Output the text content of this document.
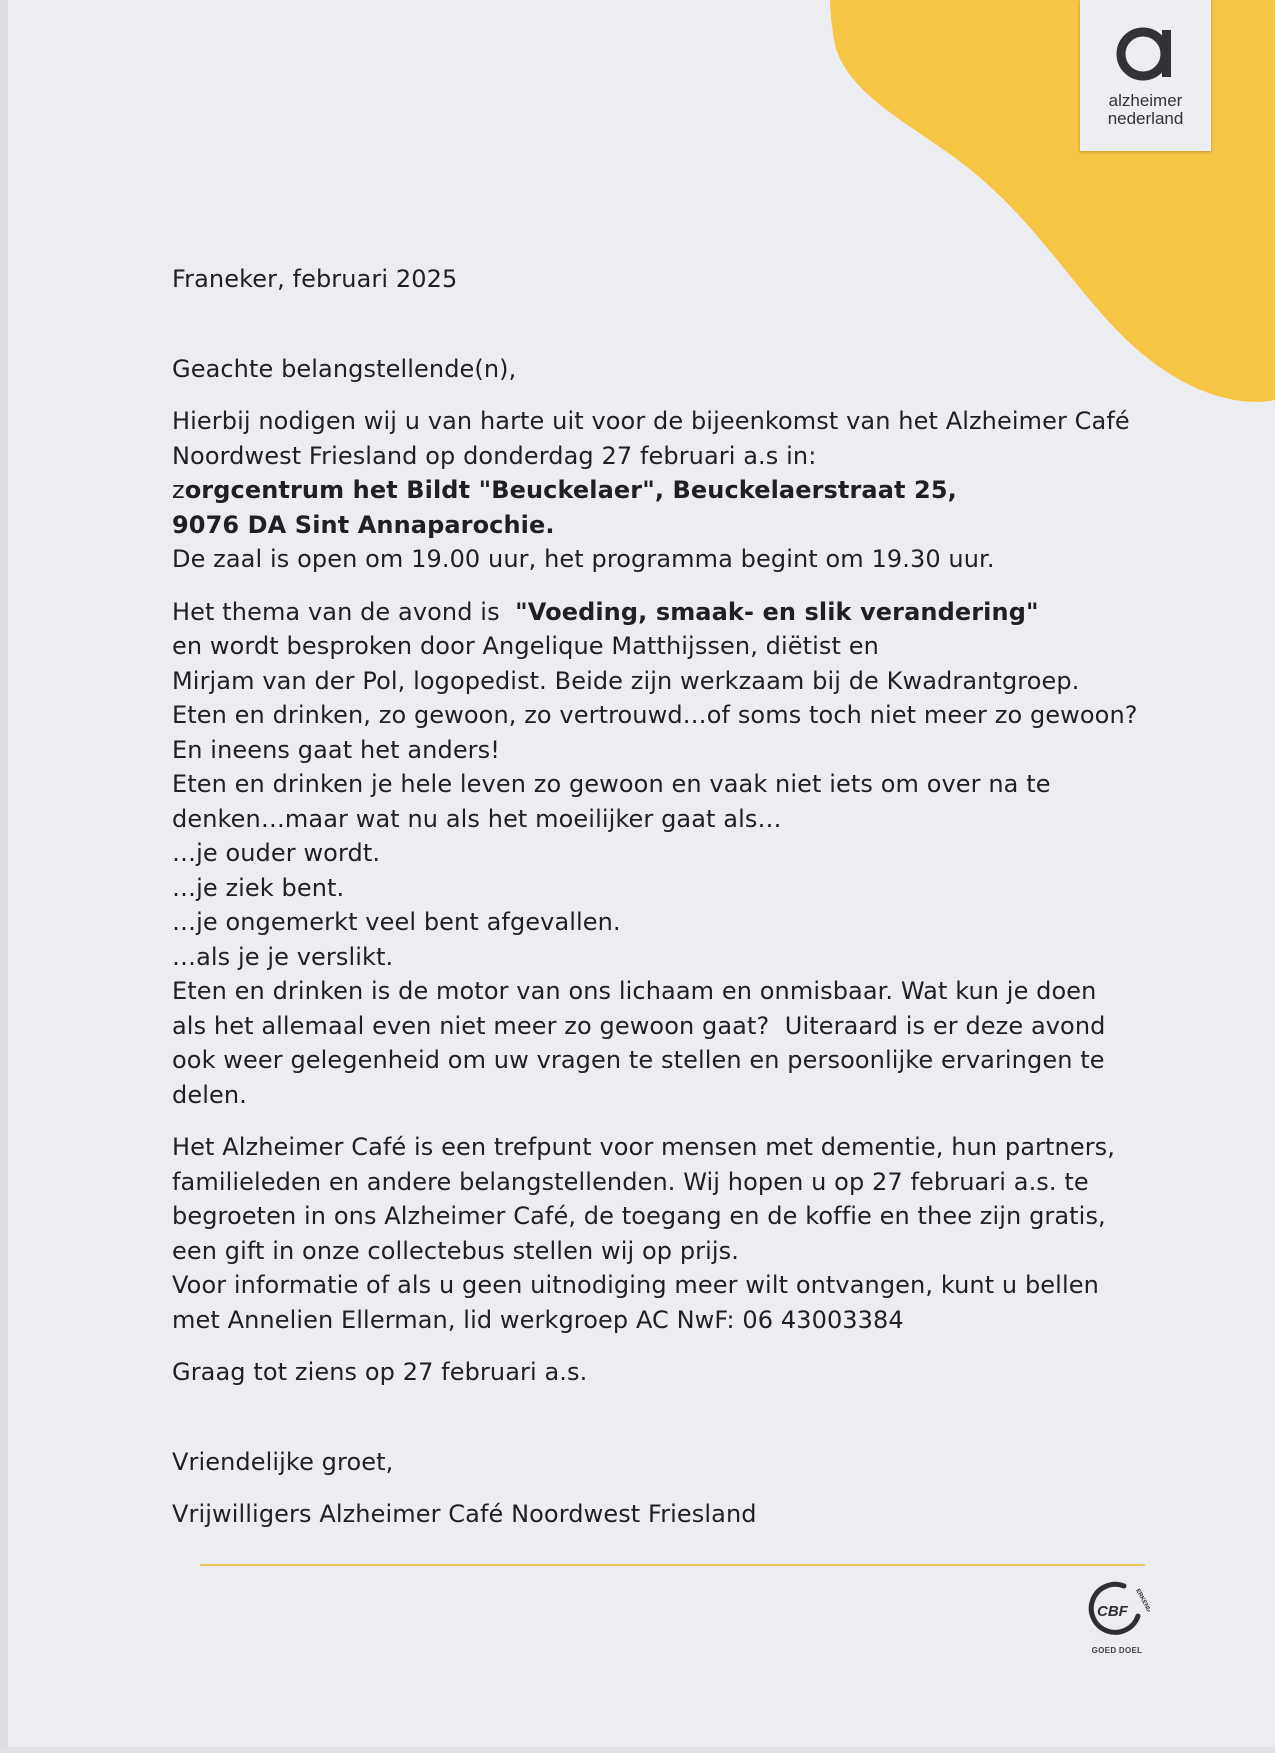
alzheimer
nederland

Franeker, februari 2025

Geachte belangstellende(n),

Hierbij nodigen wij u van harte uit voor de bijeenkomst van het Alzheimer Café

Noordwest Friesland op donderdag 27 februari a.s in:

zorgcentrum het Bildt "Beuckelaer", Beuckelaerstraat 25,

9076 DA Sint Annaparochie.

De zaal is open om 19.00 uur, het programma begint om 19.30 uur.

Het thema van de avond is  "Voeding, smaak- en slik verandering"

en wordt besproken door Angelique Matthijssen, diëtist en

Mirjam van der Pol, logopedist. Beide zijn werkzaam bij de Kwadrantgroep.

Eten en drinken, zo gewoon, zo vertrouwd…of soms toch niet meer zo gewoon?

En ineens gaat het anders!

Eten en drinken je hele leven zo gewoon en vaak niet iets om over na te

denken…maar wat nu als het moeilijker gaat als…

…je ouder wordt.

…je ziek bent.

…je ongemerkt veel bent afgevallen.

…als je je verslikt.

Eten en drinken is de motor van ons lichaam en onmisbaar. Wat kun je doen

als het allemaal even niet meer zo gewoon gaat?  Uiteraard is er deze avond

ook weer gelegenheid om uw vragen te stellen en persoonlijke ervaringen te

delen.

Het Alzheimer Café is een trefpunt voor mensen met dementie, hun partners,

familieleden en andere belangstellenden. Wij hopen u op 27 februari a.s. te

begroeten in ons Alzheimer Café, de toegang en de koffie en thee zijn gratis,

een gift in onze collectebus stellen wij op prijs.

Voor informatie of als u geen uitnodiging meer wilt ontvangen, kunt u bellen

met Annelien Ellerman, lid werkgroep AC NwF: 06 43003384

Graag tot ziens op 27 februari a.s.

Vriendelijke groet,

Vrijwilligers Alzheimer Café Noordwest Friesland

CBF ERKEND
GOED DOEL
